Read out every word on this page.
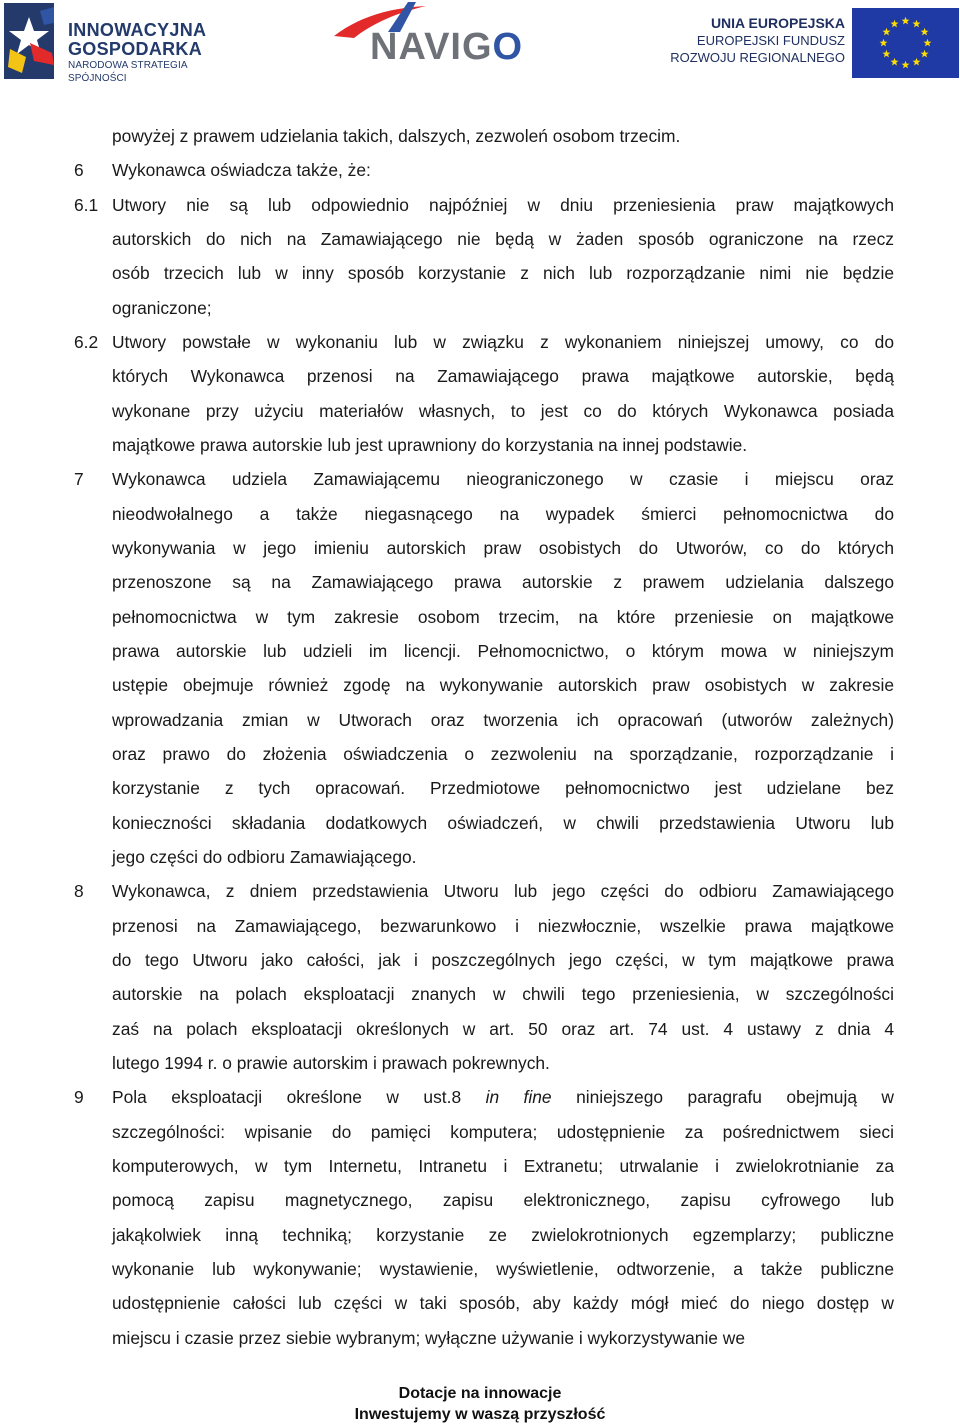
INNOWACYJNA
GOSPODARKA
NARODOWA STRATEGIA SPÓJNOŚCI
NAVIGO
UNIA EUROPEJSKA
EUROPEJSKI FUNDUSZ
ROZWOJU REGIONALNEGO
powyżej z prawem udzielania takich, dalszych, zezwoleń osobom trzecim.
6 Wykonawca oświadcza także, że:
6.1 Utwory nie są lub odpowiednio najpóźniej w dniu przeniesienia praw majątkowych
autorskich do nich na Zamawiającego nie będą w żaden sposób ograniczone na rzecz
osób trzecich lub w inny sposób korzystanie z nich lub rozporządzanie nimi nie będzie
ograniczone;
6.2 Utwory powstałe w wykonaniu lub w związku z wykonaniem niniejszej umowy, co do
których Wykonawca przenosi na Zamawiającego prawa majątkowe autorskie, będą
wykonane przy użyciu materiałów własnych, to jest co do których Wykonawca posiada
majątkowe prawa autorskie lub jest uprawniony do korzystania na innej podstawie.
7 Wykonawca udziela Zamawiającemu nieograniczonego w czasie i miejscu oraz
nieodwołalnego a także niegasnącego na wypadek śmierci pełnomocnictwa do
wykonywania w jego imieniu autorskich praw osobistych do Utworów, co do których
przenoszone są na Zamawiającego prawa autorskie z prawem udzielania dalszego
pełnomocnictwa w tym zakresie osobom trzecim, na które przeniesie on majątkowe
prawa autorskie lub udzieli im licencji. Pełnomocnictwo, o którym mowa w niniejszym
ustępie obejmuje również zgodę na wykonywanie autorskich praw osobistych w zakresie
wprowadzania zmian w Utworach oraz tworzenia ich opracowań (utworów zależnych)
oraz prawo do złożenia oświadczenia o zezwoleniu na sporządzanie, rozporządzanie i
korzystanie z tych opracowań. Przedmiotowe pełnomocnictwo jest udzielane bez
konieczności składania dodatkowych oświadczeń, w chwili przedstawienia Utworu lub
jego części do odbioru Zamawiającego.
8 Wykonawca, z dniem przedstawienia Utworu lub jego części do odbioru Zamawiającego
przenosi na Zamawiającego, bezwarunkowo i niezwłocznie, wszelkie prawa majątkowe
do tego Utworu jako całości, jak i poszczególnych jego części, w tym majątkowe prawa
autorskie na polach eksploatacji znanych w chwili tego przeniesienia, w szczególności
zaś na polach eksploatacji określonych w art. 50 oraz art. 74 ust. 4 ustawy z dnia 4
lutego 1994 r. o prawie autorskim i prawach pokrewnych.
9 Pola eksploatacji określone w ust.8 in fine niniejszego paragrafu obejmują w
szczególności: wpisanie do pamięci komputera; udostępnienie za pośrednictwem sieci
komputerowych, w tym Internetu, Intranetu i Extranetu; utrwalanie i zwielokrotnianie za
pomocą zapisu magnetycznego, zapisu elektronicznego, zapisu cyfrowego lub
jakąkolwiek inną techniką; korzystanie ze zwielokrotnionych egzemplarzy; publiczne
wykonanie lub wykonywanie; wystawienie, wyświetlenie, odtworzenie, a także publiczne
udostępnienie całości lub części w taki sposób, aby każdy mógł mieć do niego dostęp w
miejscu i czasie przez siebie wybranym; wyłączne używanie i wykorzystywanie we
Dotacje na innowacje
Inwestujemy w waszą przyszłość
